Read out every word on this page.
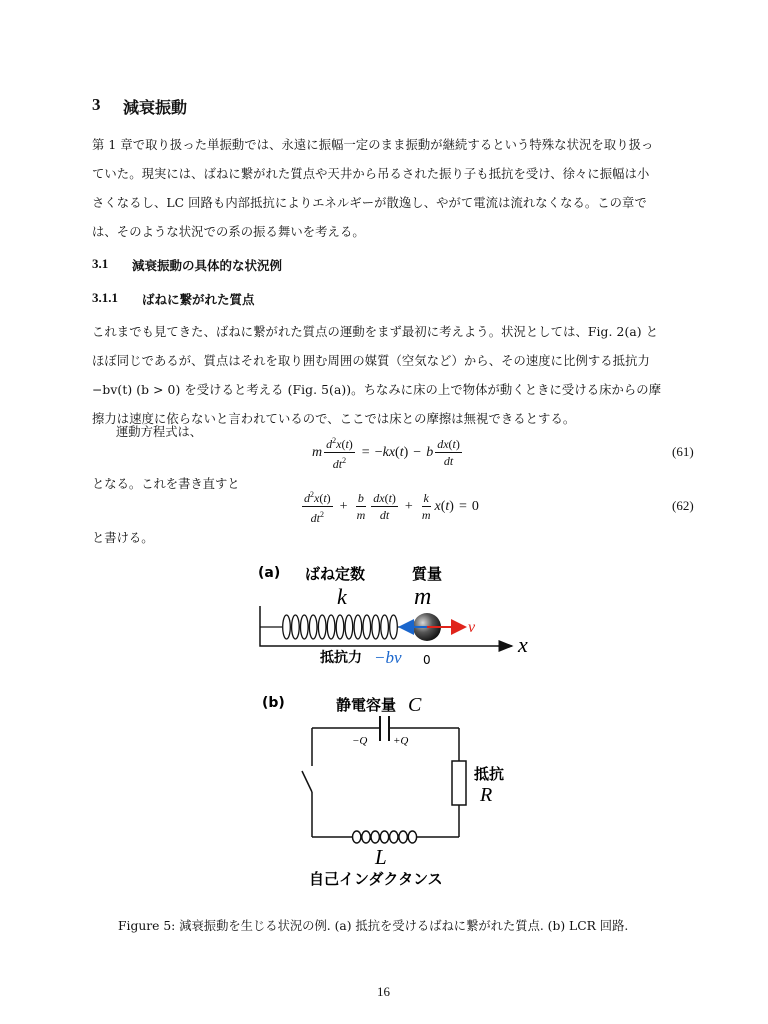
3 減衰振動
第 1 章で取り扱った単振動では、永遠に振幅一定のまま振動が継続するという特殊な状況を取り扱っ
ていた。現実には、ばねに繋がれた質点や天井から吊るされた振り子も抵抗を受け、徐々に振幅は小
さくなるし、LC 回路も内部抵抗によりエネルギーが散逸し、やがて電流は流れなくなる。この章で
は、そのような状況での系の振る舞いを考える。
3.1 減衰振動の具体的な状況例
3.1.1 ばねに繋がれた質点
これまでも見てきた、ばねに繋がれた質点の運動をまず最初に考えよう。状況としては、Fig. 2(a) と
ほぼ同じであるが、質点はそれを取り囲む周囲の媒質（空気など）から、その速度に比例する抵抗力
−bv(t) (b > 0) を受けると考える (Fig. 5(a))。ちなみに床の上で物体が動くときに受ける床からの摩
擦力は速度に依らないと言われているので、ここでは床との摩擦は無視できるとする。
運動方程式は、
m $\frac{d^2x(t)}{dt^2}$ = − kx ( t ) − b $\frac{dx(t)}{dt}$	(61)
となる。これを書き直すと
$\frac{d^2x(t)}{dt^2} + \frac{b}{m} \frac{dx(t)}{dt} + \frac{k}{m}$ x ( t ) = 0	(62)
と書ける。
(a) ばね定数
k
質量
m
x
v
抵抗力 −bv 0
(b)	静電容量 C
−Q +Q
抵抗
R
L
自己インダクタンス
Figure 5: 減衰振動を生じる状況の例. (a) 抵抗を受けるばねに繋がれた質点. (b) LCR 回路.
16
